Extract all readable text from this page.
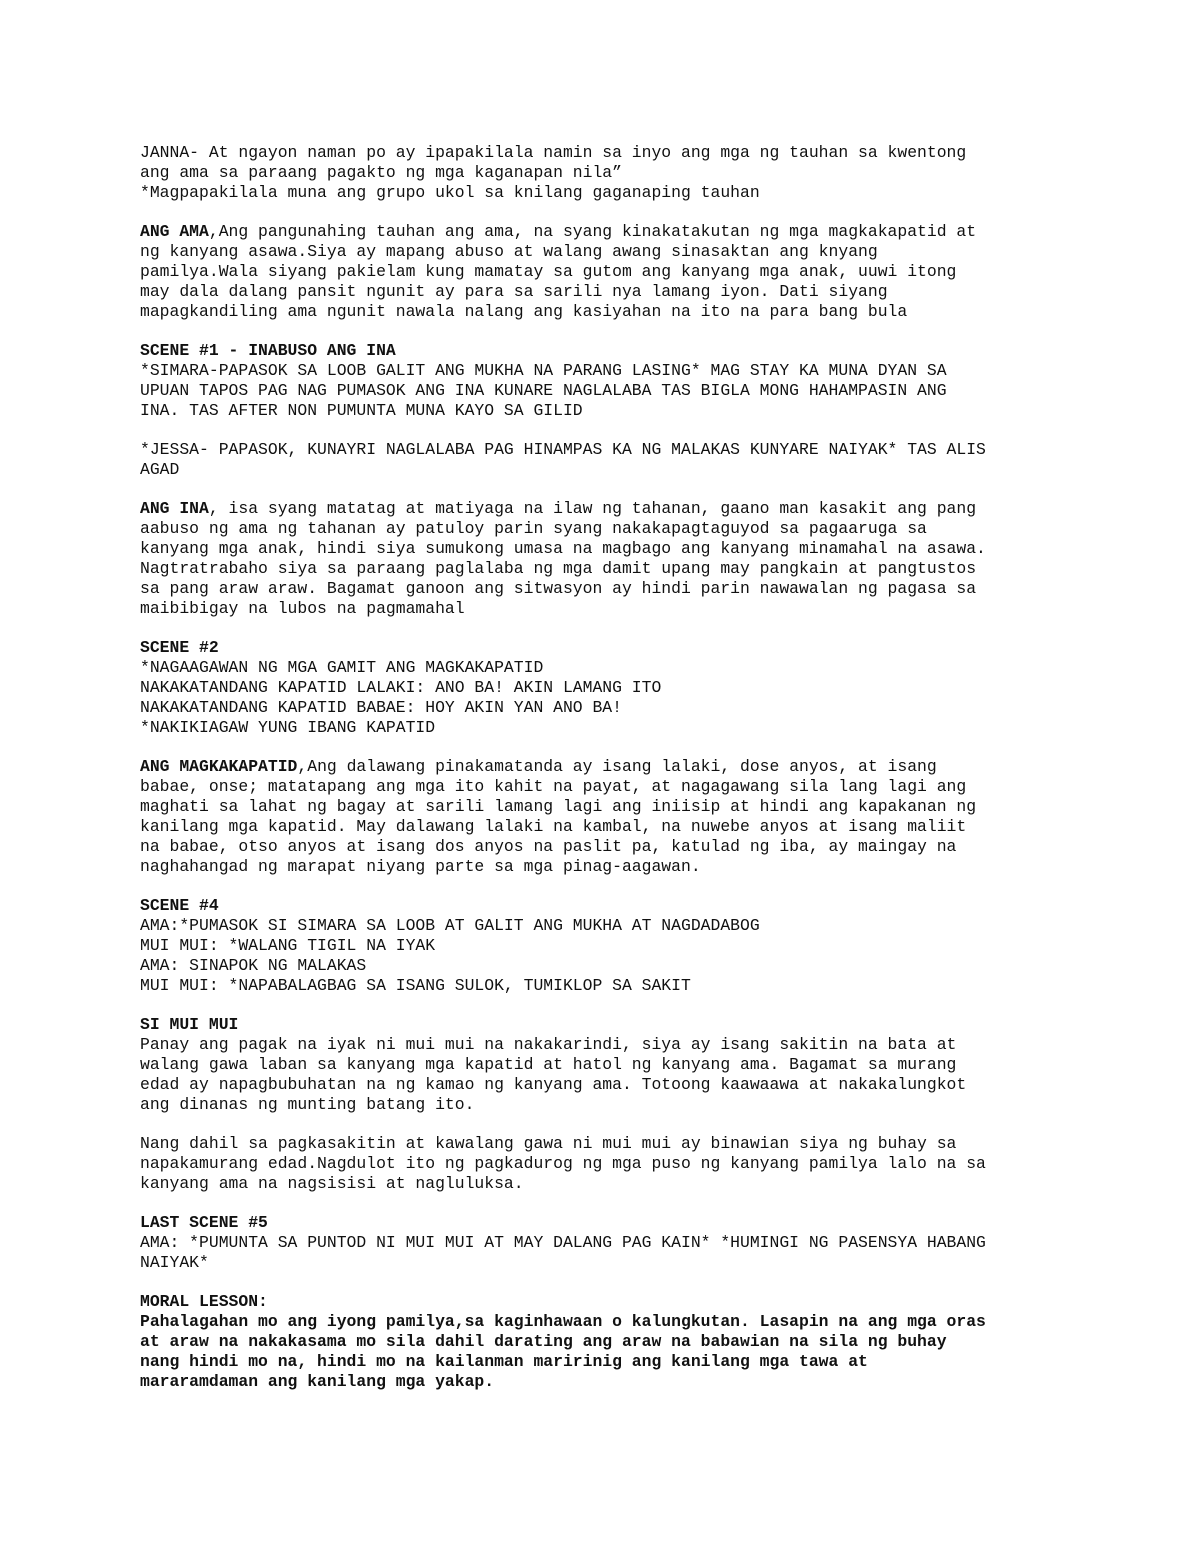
JANNA- At ngayon naman po ay ipapakilala namin sa inyo ang mga ng tauhan sa kwentong
ang ama sa paraang pagakto ng mga kaganapan nila”
*Magpapakilala muna ang grupo ukol sa knilang gaganaping tauhan
ANG AMA,Ang pangunahing tauhan ang ama, na syang kinakatakutan ng mga magkakapatid at
ng kanyang asawa.Siya ay mapang abuso at walang awang sinasaktan ang knyang
pamilya.Wala siyang pakielam kung mamatay sa gutom ang kanyang mga anak, uuwi itong
may dala dalang pansit ngunit ay para sa sarili nya lamang iyon. Dati siyang
mapagkandiling ama ngunit nawala nalang ang kasiyahan na ito na para bang bula
SCENE #1 - INABUSO ANG INA
*SIMARA-PAPASOK SA LOOB GALIT ANG MUKHA NA PARANG LASING* MAG STAY KA MUNA DYAN SA
UPUAN TAPOS PAG NAG PUMASOK ANG INA KUNARE NAGLALABA TAS BIGLA MONG HAHAMPASIN ANG
INA. TAS AFTER NON PUMUNTA MUNA KAYO SA GILID
*JESSA- PAPASOK, KUNAYRI NAGLALABA PAG HINAMPAS KA NG MALAKAS KUNYARE NAIYAK* TAS ALIS
AGAD
ANG INA, isa syang matatag at matiyaga na ilaw ng tahanan, gaano man kasakit ang pang
aabuso ng ama ng tahanan ay patuloy parin syang nakakapagtaguyod sa pagaaruga sa
kanyang mga anak, hindi siya sumukong umasa na magbago ang kanyang minamahal na asawa.
Nagtratrabaho siya sa paraang paglalaba ng mga damit upang may pangkain at pangtustos
sa pang araw araw. Bagamat ganoon ang sitwasyon ay hindi parin nawawalan ng pagasa sa
maibibigay na lubos na pagmamahal
SCENE #2
*NAGAAGAWAN NG MGA GAMIT ANG MAGKAKAPATID
NAKAKATANDANG KAPATID LALAKI: ANO BA! AKIN LAMANG ITO
NAKAKATANDANG KAPATID BABAE: HOY AKIN YAN ANO BA!
*NAKIKIAGAW YUNG IBANG KAPATID
ANG MAGKAKAPATID,Ang dalawang pinakamatanda ay isang lalaki, dose anyos, at isang
babae, onse; matatapang ang mga ito kahit na payat, at nagagawang sila lang lagi ang
maghati sa lahat ng bagay at sarili lamang lagi ang iniisip at hindi ang kapakanan ng
kanilang mga kapatid. May dalawang lalaki na kambal, na nuwebe anyos at isang maliit
na babae, otso anyos at isang dos anyos na paslit pa, katulad ng iba, ay maingay na
naghahangad ng marapat niyang parte sa mga pinag-aagawan.
SCENE #4
AMA:*PUMASOK SI SIMARA SA LOOB AT GALIT ANG MUKHA AT NAGDADABOG
MUI MUI: *WALANG TIGIL NA IYAK
AMA: SINAPOK NG MALAKAS
MUI MUI: *NAPABALAGBAG SA ISANG SULOK, TUMIKLOP SA SAKIT
SI MUI MUI
Panay ang pagak na iyak ni mui mui na nakakarindi, siya ay isang sakitin na bata at
walang gawa laban sa kanyang mga kapatid at hatol ng kanyang ama. Bagamat sa murang
edad ay napagbubuhatan na ng kamao ng kanyang ama. Totoong kaawaawa at nakakalungkot
ang dinanas ng munting batang ito.
Nang dahil sa pagkasakitin at kawalang gawa ni mui mui ay binawian siya ng buhay sa
napakamurang edad.Nagdulot ito ng pagkadurog ng mga puso ng kanyang pamilya lalo na sa
kanyang ama na nagsisisi at nagluluksa.
LAST SCENE #5
AMA: *PUMUNTA SA PUNTOD NI MUI MUI AT MAY DALANG PAG KAIN* *HUMINGI NG PASENSYA HABANG
NAIYAK*
MORAL LESSON:
Pahalagahan mo ang iyong pamilya,sa kaginhawaan o kalungkutan. Lasapin na ang mga oras
at araw na nakakasama mo sila dahil darating ang araw na babawian na sila ng buhay
nang hindi mo na, hindi mo na kailanman maririnig ang kanilang mga tawa at
mararamdaman ang kanilang mga yakap.
